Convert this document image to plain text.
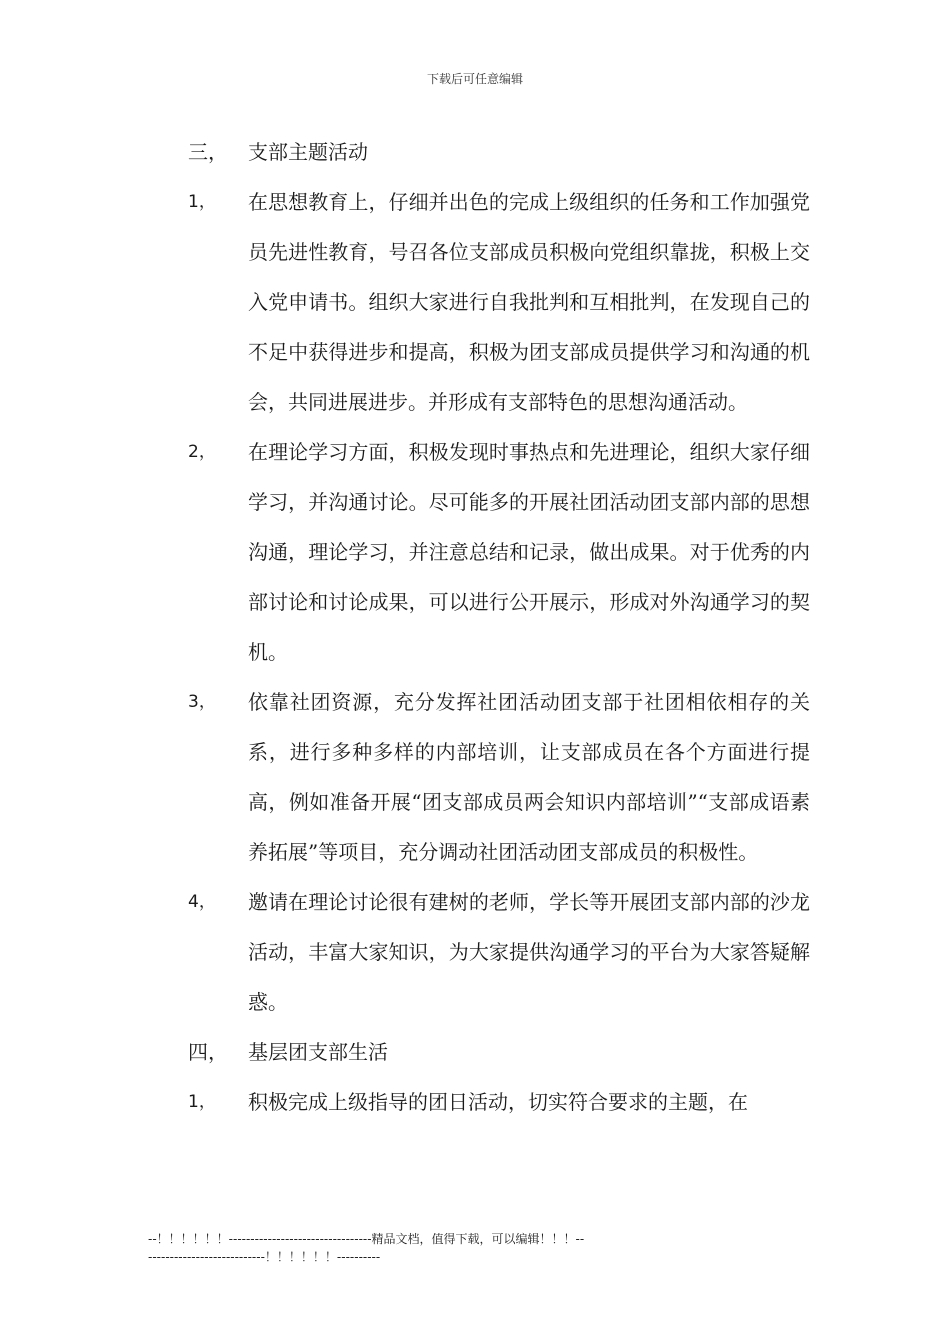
下载后可任意编辑
三，	支部主题活动
1，	在思想教育上，仔细并出色的完成上级组织的任务和工作加强党员先进性教育，号召各位支部成员积极向党组织靠拢，积极上交入党申请书。组织大家进行自我批判和互相批判，在发现自己的不足中获得进步和提高，积极为团支部成员提供学习和沟通的机会，共同进展进步。并形成有支部特色的思想沟通活动。
2，	在理论学习方面，积极发现时事热点和先进理论，组织大家仔细学习，并沟通讨论。尽可能多的开展社团活动团支部内部的思想沟通，理论学习，并注意总结和记录，做出成果。对于优秀的内部讨论和讨论成果，可以进行公开展示，形成对外沟通学习的契机。
3，	依靠社团资源，充分发挥社团活动团支部于社团相依相存的关系，进行多种多样的内部培训，让支部成员在各个方面进行提高，例如准备开展“团支部成员两会知识内部培训”“支部成语素养拓展”等项目，充分调动社团活动团支部成员的积极性。
4，	邀请在理论讨论很有建树的老师，学长等开展团支部内部的沙龙活动，丰富大家知识，为大家提供沟通学习的平台为大家答疑解惑。
四，	基层团支部生活
1，	积极完成上级指导的团日活动，切实符合要求的主题，在
--！！！！！！---------------------------------精品文档，值得下载，可以编辑！！！-----------------------------！！！！！！----------
